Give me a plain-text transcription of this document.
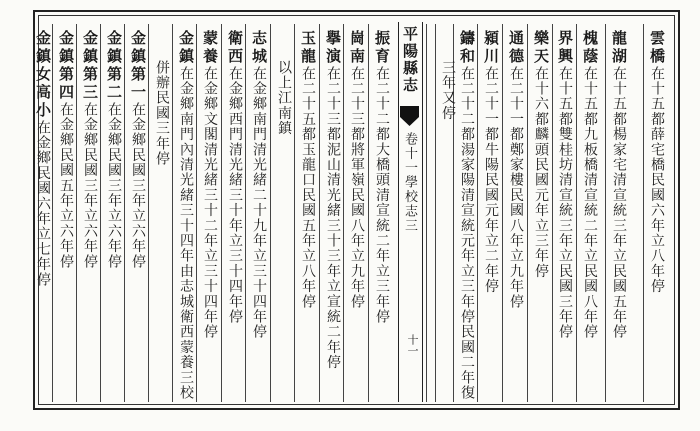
雲橋在十五都薛宅橋民國六年立八年停
龍湖在十五都楊家宅清宣統三年立民國五年停
槐蔭在十五都九板橋清宣統二年立民國八年停
界興在十五都雙桂坊清宣統三年立民國三年停
樂天在十六都麟頭民國元年立三年停
通德在二十一都鄭家樓民國八年立九年停
潁川在二十一都牛陽民國元年立二年停
鑄和在二十二都湯家陽清宣統元年立三年停民國二年復
三年又停
平陽縣志
卷十一學校志三
十一
振育在二十二都大橋頭清宣統二年立三年停
崗南在二十三都將軍嶺民國八年立九年停
擧演在二十三都泥山清光緒三十三年立宣統二年停
玉龍在二十五都玉龍口民國五年立八年停
以上江南鎮
志城在金鄉南門清光緒二十九年立三十四年停
衛西在金鄉西門清光緒三十年立三十四年停
蒙養在金鄉文閣清光緒三十二年立三十四年停
金鎮在金鄉南門內清光緒三十四年由志城衛西蒙養三校
併辦民國三年停
金鎮第一在金鄉民國三年立六年停
金鎮第二在金鄉民國三年立六年停
金鎮第三在金鄉民國三年立六年停
金鎮第四在金鄉民國五年立六年停
金鎮女高小在金鄉民國六年立七年停
